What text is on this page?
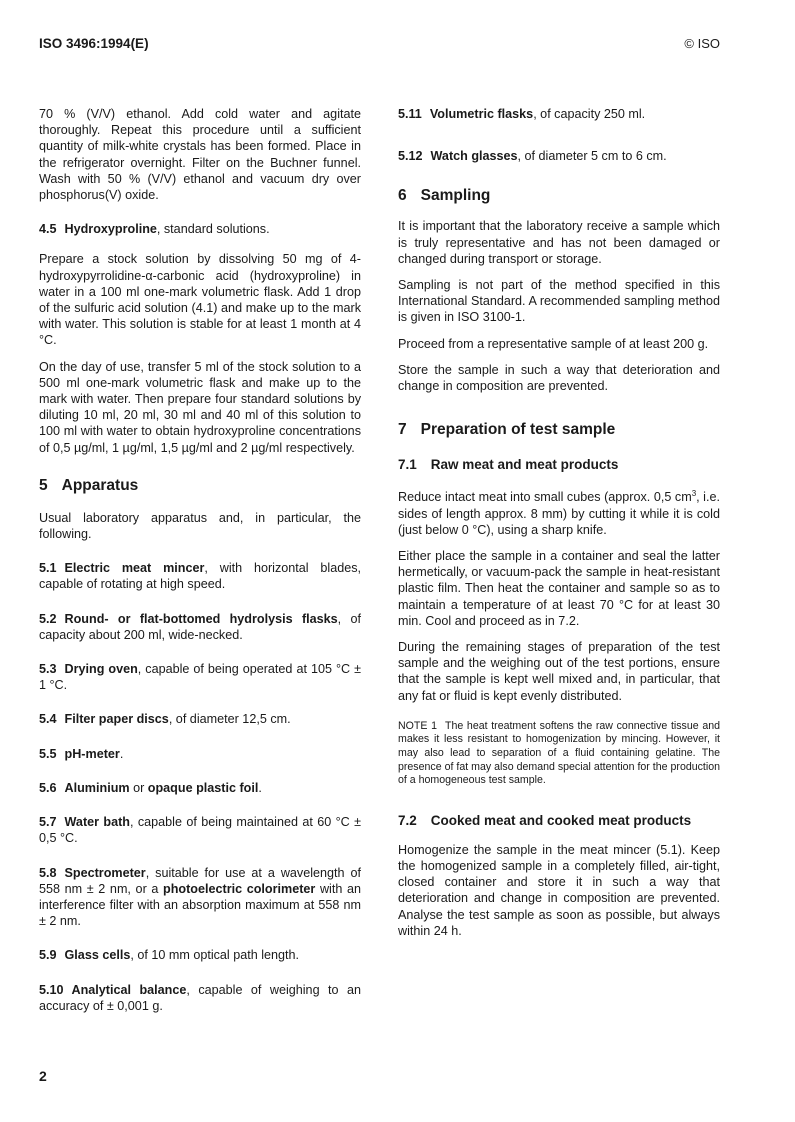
ISO 3496:1994(E)	© ISO

70 % (V/V) ethanol. Add cold water and agitate thoroughly. Repeat this procedure until a sufficient quantity of milk-white crystals has been formed. Place in the refrigerator overnight. Filter on the Buchner funnel. Wash with 50 % (V/V) ethanol and vacuum dry over phosphorus(V) oxide.

4.5 Hydroxyproline, standard solutions.

Prepare a stock solution by dissolving 50 mg of 4-hydroxypyrrolidine-α-carbonic acid (hydroxyproline) in water in a 100 ml one-mark volumetric flask. Add 1 drop of the sulfuric acid solution (4.1) and make up to the mark with water. This solution is stable for at least 1 month at 4 °C.

On the day of use, transfer 5 ml of the stock solution to a 500 ml one-mark volumetric flask and make up to the mark with water. Then prepare four standard solutions by diluting 10 ml, 20 ml, 30 ml and 40 ml of this solution to 100 ml with water to obtain hydroxyproline concentrations of 0,5 µg/ml, 1 µg/ml, 1,5 µg/ml and 2 µg/ml respectively.

5 Apparatus

Usual laboratory apparatus and, in particular, the following.

5.1 Electric meat mincer, with horizontal blades, capable of rotating at high speed.

5.2 Round- or flat-bottomed hydrolysis flasks, of capacity about 200 ml, wide-necked.

5.3 Drying oven, capable of being operated at 105 °C ± 1 °C.

5.4 Filter paper discs, of diameter 12,5 cm.

5.5 pH-meter.

5.6 Aluminium or opaque plastic foil.

5.7 Water bath, capable of being maintained at 60 °C ± 0,5 °C.

5.8 Spectrometer, suitable for use at a wavelength of 558 nm ± 2 nm, or a photoelectric colorimeter with an interference filter with an absorption maximum at 558 nm ± 2 nm.

5.9 Glass cells, of 10 mm optical path length.

5.10 Analytical balance, capable of weighing to an accuracy of ± 0,001 g.

5.11 Volumetric flasks, of capacity 250 ml.

5.12 Watch glasses, of diameter 5 cm to 6 cm.

6 Sampling

It is important that the laboratory receive a sample which is truly representative and has not been damaged or changed during transport or storage.

Sampling is not part of the method specified in this International Standard. A recommended sampling method is given in ISO 3100-1.

Proceed from a representative sample of at least 200 g.

Store the sample in such a way that deterioration and change in composition are prevented.

7 Preparation of test sample
7.1 Raw meat and meat products

Reduce intact meat into small cubes (approx. 0,5 $cm^3$, i.e. sides of length approx. 8 mm) by cutting it while it is cold (just below 0 °C), using a sharp knife.

Either place the sample in a container and seal the latter hermetically, or vacuum-pack the sample in heat-resistant plastic film. Then heat the container and sample so as to maintain a temperature of at least 70 °C for at least 30 min. Cool and proceed as in 7.2.

During the remaining stages of preparation of the test sample and the weighing out of the test portions, ensure that the sample is kept well mixed and, in particular, that any fat or fluid is kept evenly distributed.

NOTE 1 The heat treatment softens the raw connective tissue and makes it less resistant to homogenization by mincing. However, it may also lead to separation of a fluid containing gelatine. The presence of fat may also demand special attention for the production of a homogeneous test sample.

7.2 Cooked meat and cooked meat products

Homogenize the sample in the meat mincer (5.1). Keep the homogenized sample in a completely filled, air-tight, closed container and store it in such a way that deterioration and change in composition are prevented. Analyse the test sample as soon as possible, but always within 24 h.

2
